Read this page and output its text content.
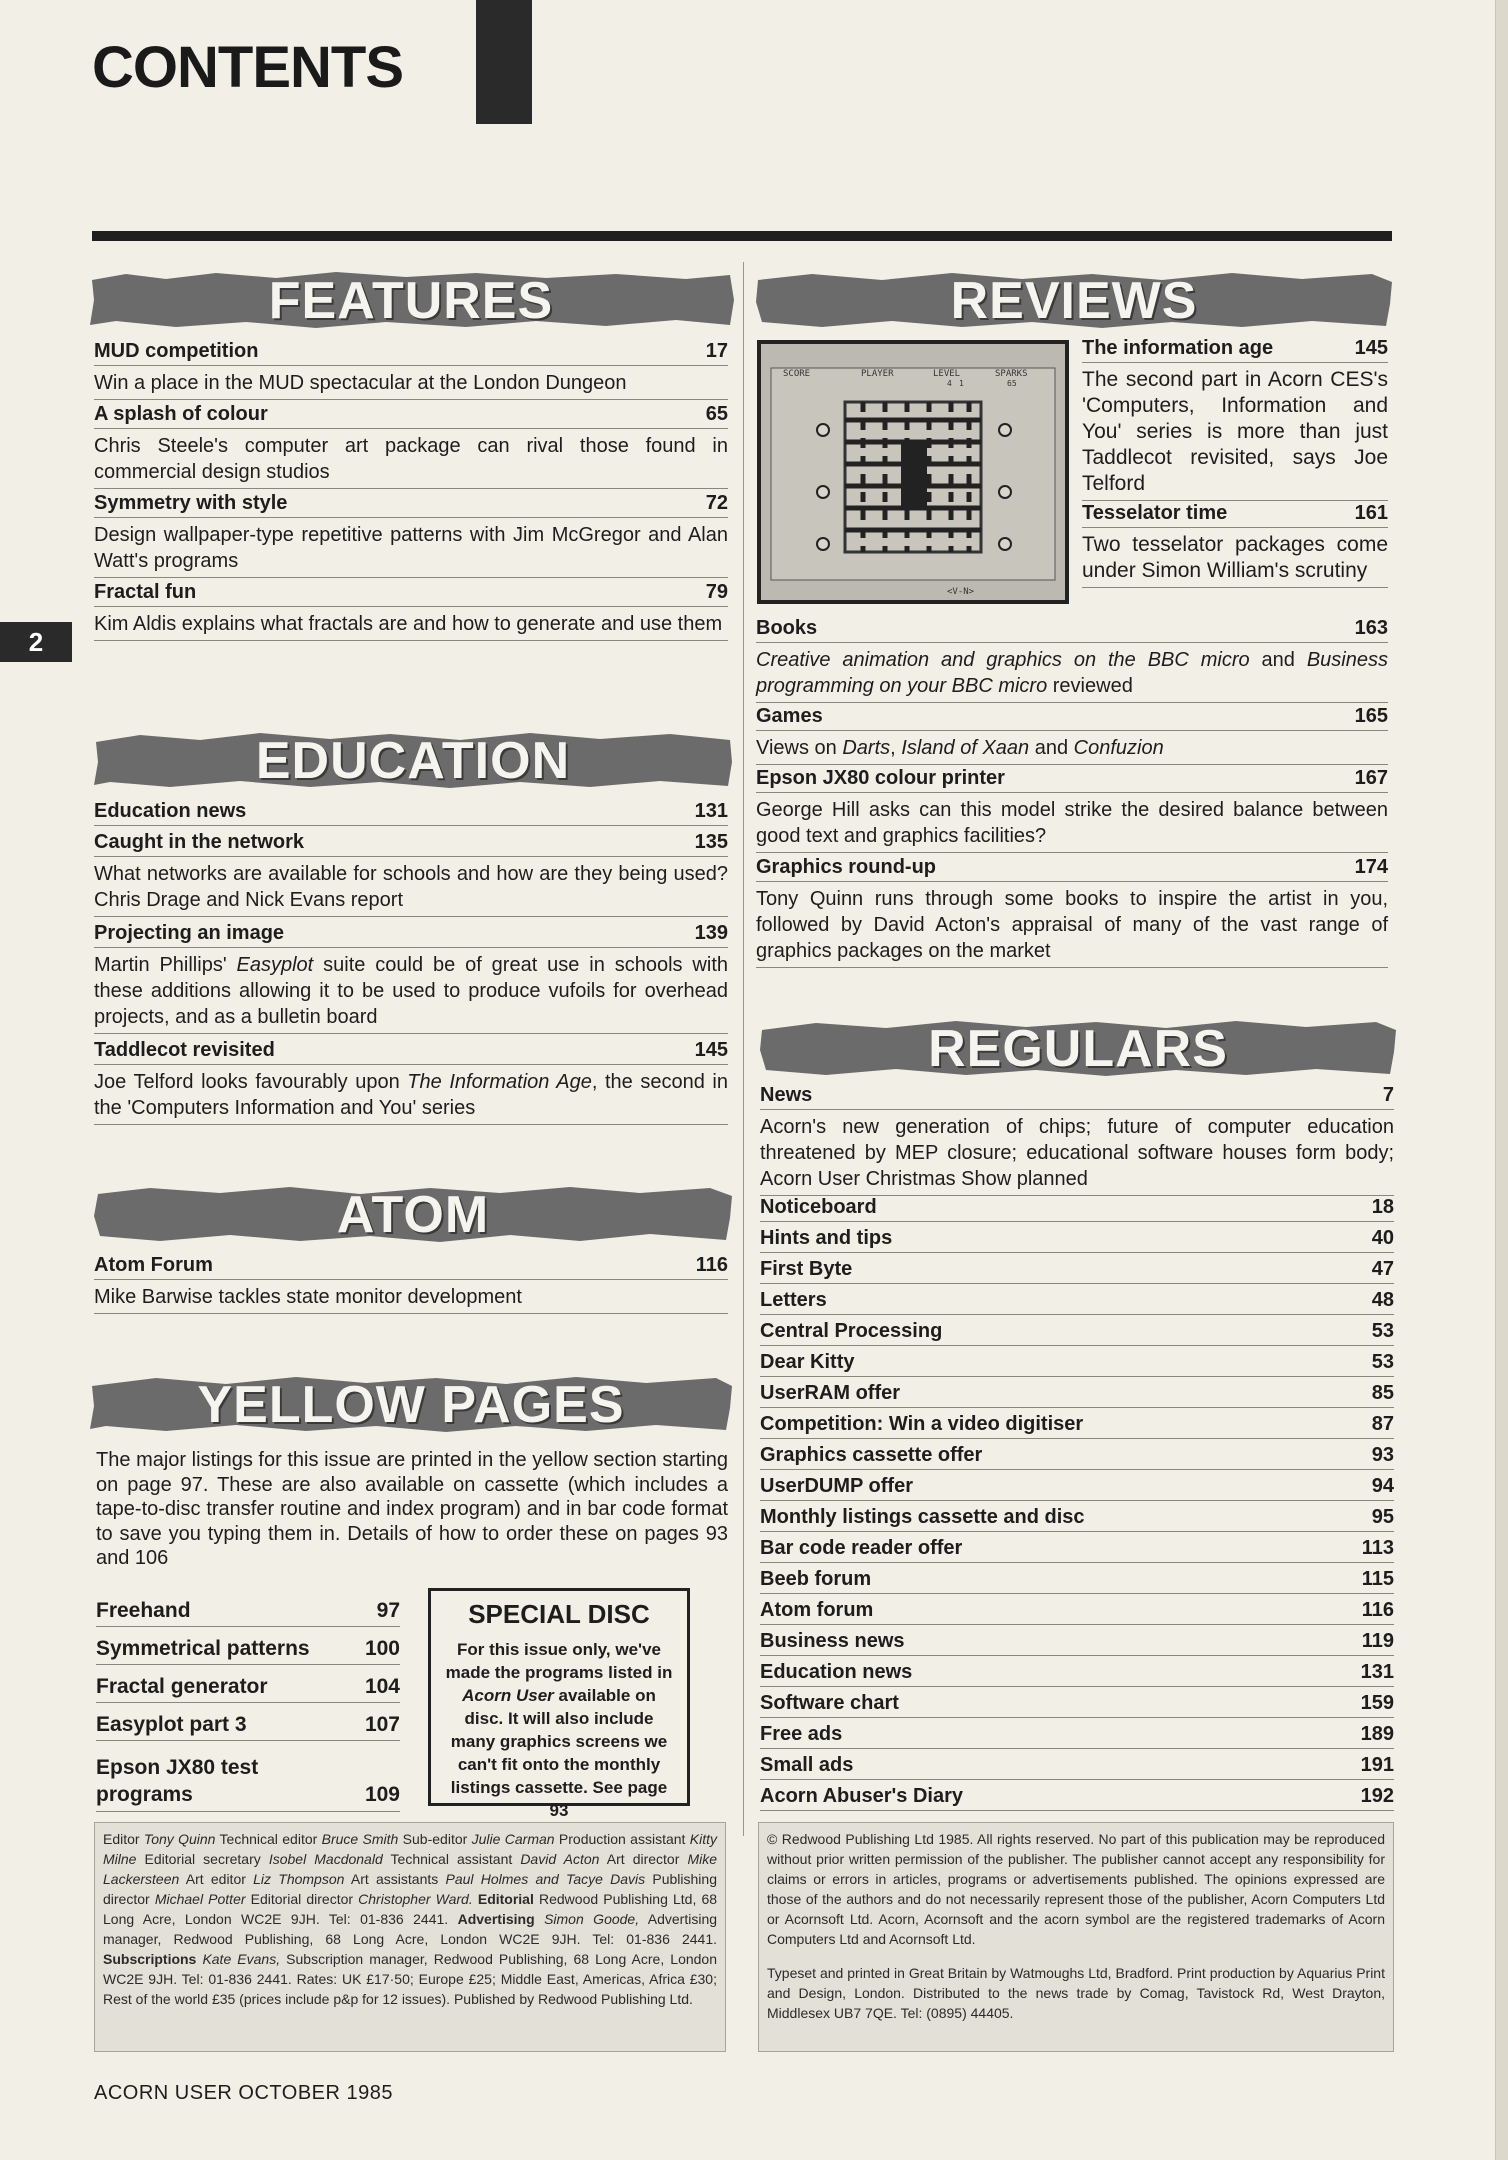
CONTENTS
2
FEATURES
MUD competition	17
Win a place in the MUD spectacular at the London Dungeon
A splash of colour	65
Chris Steele's computer art package can rival those found in commercial design studios
Symmetry with style	72
Design wallpaper-type repetitive patterns with Jim McGregor and Alan Watt's programs
Fractal fun	79
Kim Aldis explains what fractals are and how to generate and use them
EDUCATION
Education news	131
Caught in the network	135
What networks are available for schools and how are they being used? Chris Drage and Nick Evans report
Projecting an image	139
Martin Phillips' Easyplot suite could be of great use in schools with these additions allowing it to be used to produce vufoils for overhead projects, and as a bulletin board
Taddlecot revisited	145
Joe Telford looks favourably upon The Information Age, the second in the 'Computers Information and You' series
ATOM
Atom Forum	116
Mike Barwise tackles state monitor development
YELLOW PAGES
The major listings for this issue are printed in the yellow section starting on page 97. These are also available on cassette (which includes a tape-to-disc transfer routine and index program) and in bar code format to save you typing them in. Details of how to order these on pages 93 and 106
Freehand	97
Symmetrical patterns	100
Fractal generator	104
Easyplot part 3	107
Epson JX80 test programs	109
SPECIAL DISC
For this issue only, we've made the programs listed in Acorn User available on disc. It will also include many graphics screens we can't fit onto the monthly listings cassette. See page 93
REVIEWS
SCORE	PLAYER	LEVEL	SPARKS
4 1	65
<V-N>
The information age	145
The second part in Acorn CES's 'Computers, Information and You' series is more than just Taddlecot revisited, says Joe Telford
Tesselator time	161
Two tesselator packages come under Simon William's scrutiny
Books	163
Creative animation and graphics on the BBC micro and Business programming on your BBC micro reviewed
Games	165
Views on Darts, Island of Xaan and Confuzion
Epson JX80 colour printer	167
George Hill asks can this model strike the desired balance between good text and graphics facilities?
Graphics round-up	174
Tony Quinn runs through some books to inspire the artist in you, followed by David Acton's appraisal of many of the vast range of graphics packages on the market
REGULARS
News	7
Acorn's new generation of chips; future of computer education threatened by MEP closure; educational software houses form body; Acorn User Christmas Show planned
Noticeboard	18
Hints and tips	40
First Byte	47
Letters	48
Central Processing	53
Dear Kitty	53
UserRAM offer	85
Competition: Win a video digitiser	87
Graphics cassette offer	93
UserDUMP offer	94
Monthly listings cassette and disc	95
Bar code reader offer	113
Beeb forum	115
Atom forum	116
Business news	119
Education news	131
Software chart	159
Free ads	189
Small ads	191
Acorn Abuser's Diary	192

Editor Tony Quinn Technical editor Bruce Smith Sub-editor Julie Carman Production assistant Kitty Milne Editorial secretary Isobel Macdonald Technical assistant David Acton Art director Mike Lackersteen Art editor Liz Thompson Art assistants Paul Holmes and Tacye Davis Publishing director Michael Potter Editorial director Christopher Ward. Editorial Redwood Publishing Ltd, 68 Long Acre, London WC2E 9JH. Tel: 01-836 2441. Advertising Simon Goode, Advertising manager, Redwood Publishing, 68 Long Acre, London WC2E 9JH. Tel: 01-836 2441. Subscriptions Kate Evans, Subscription manager, Redwood Publishing, 68 Long Acre, London WC2E 9JH. Tel: 01-836 2441. Rates: UK £17·50; Europe £25; Middle East, Americas, Africa £30; Rest of the world £35 (prices include p&p for 12 issues). Published by Redwood Publishing Ltd.

© Redwood Publishing Ltd 1985. All rights reserved. No part of this publication may be reproduced without prior written permission of the publisher. The publisher cannot accept any responsibility for claims or errors in articles, programs or advertisements published. The opinions expressed are those of the authors and do not necessarily represent those of the publisher, Acorn Computers Ltd or Acornsoft Ltd. Acorn, Acornsoft and the acorn symbol are the registered trademarks of Acorn Computers Ltd and Acornsoft Ltd.

Typeset and printed in Great Britain by Watmoughs Ltd, Bradford. Print production by Aquarius Print and Design, London. Distributed to the news trade by Comag, Tavistock Rd, West Drayton, Middlesex UB7 7QE. Tel: (0895) 44405.

ACORN USER OCTOBER 1985
